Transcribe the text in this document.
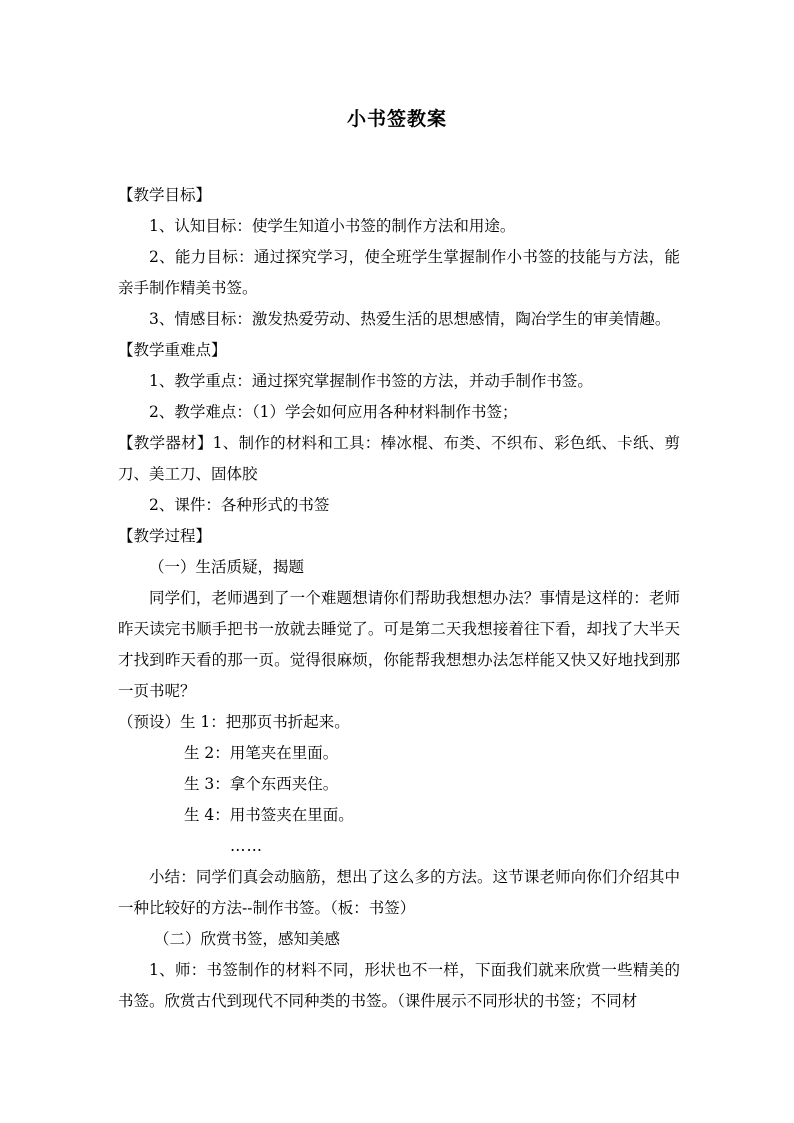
小书签教案

【教学目标】

1、认知目标：使学生知道小书签的制作方法和用途。

2、能力目标：通过探究学习，使全班学生掌握制作小书签的技能与方法，能亲手制作精美书签。

3、情感目标：激发热爱劳动、热爱生活的思想感情，陶冶学生的审美情趣。

【教学重难点】

1、教学重点：通过探究掌握制作书签的方法，并动手制作书签。

2、教学难点：（1）学会如何应用各种材料制作书签；

【教学器材】1、制作的材料和工具：棒冰棍、布类、不织布、彩色纸、卡纸、剪刀、美工刀、固体胶

2、课件：各种形式的书签

【教学过程】

（一）生活质疑，揭题

同学们，老师遇到了一个难题想请你们帮助我想想办法？事情是这样的：老师昨天读完书顺手把书一放就去睡觉了。可是第二天我想接着往下看，却找了大半天才找到昨天看的那一页。觉得很麻烦，你能帮我想想办法怎样能又快又好地找到那一页书呢？

（预设）生 1：把那页书折起来。

生 2：用笔夹在里面。

生 3：拿个东西夹住。

生 4：用书签夹在里面。

……

小结：同学们真会动脑筋，想出了这么多的方法。这节课老师向你们介绍其中一种比较好的方法--制作书签。（板：书签）

（二）欣赏书签，感知美感

1、师：书签制作的材料不同，形状也不一样，下面我们就来欣赏一些精美的书签。欣赏古代到现代不同种类的书签。（课件展示不同形状的书签；不同材
